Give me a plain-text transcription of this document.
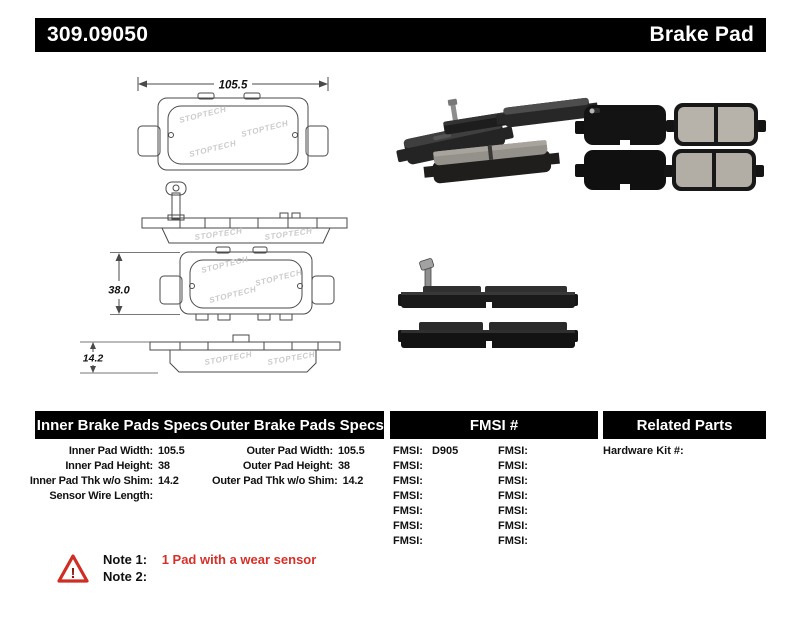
309.09050	Brake Pad
105.5
STOPTECH
STOPTECH
STOPTECH
STOPTECH	STOPTECH
38.0
STOPTECH
STOPTECH
STOPTECH
14.2	STOPTECH STOPTECH
Inner Brake Pads Specs Outer Brake Pads Specs	FMSI #	Related Parts
Inner Pad Width: 105.5
Inner Pad Height: 38
Inner Pad Thk w/o Shim: 14.2
Sensor Wire Length:
Outer Pad Width: 105.5
Outer Pad Height: 38
Outer Pad Thk w/o Shim: 14.2
FMSI: D905	FMSI:
FMSI:	FMSI:
FMSI:	FMSI:
FMSI:	FMSI:
FMSI:	FMSI:
FMSI:	FMSI:
FMSI:	FMSI:
Hardware Kit #:
!
Note 1: 1 Pad with a wear sensor
Note 2:
